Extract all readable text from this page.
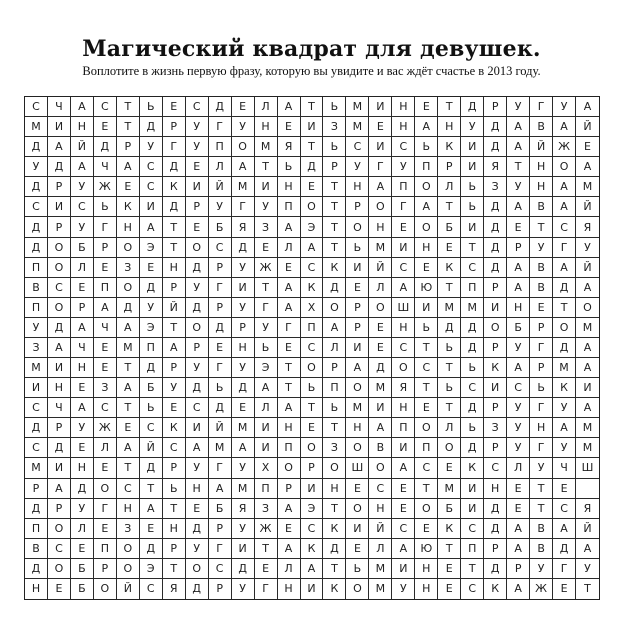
Магический квадрат для девушек.

Воплотите в жизнь первую фразу, которую вы увидите и вас ждёт счастье в 2013 году.

С	Ч	А	С	Т	Ь	Е	С	Д	Е	Л	А	Т	Ь	М	И	Н	Е	Т	Д	Р	У	Г	У	А
М	И	Н	Е	Т	Д	Р	У	Г	У	Н	Е	И	З	М	Е	Н	А	Н	У	Д	А	В	А	Й
Д	А	Й	Д	Р	У	Г	У	П	О	М	Я	Т	Ь	С	И	С	Ь	К	И	Д	А	Й	Ж	Е
У	Д	А	Ч	А	С	Д	Е	Л	А	Т	Ь	Д	Р	У	Г	У	П	Р	И	Я	Т	Н	О	А
Д	Р	У	Ж	Е	С	К	И	Й	М	И	Н	Е	Т	Н	А	П	О	Л	Ь	З	У	Н	А	М
С	И	С	Ь	К	И	Д	Р	У	Г	У	П	О	Т	Р	О	Г	А	Т	Ь	Д	А	В	А	Й
Д	Р	У	Г	Н	А	Т	Е	Б	Я	З	А	Э	Т	О	Н	Е	О	Б	И	Д	Е	Т	С	Я
Д	О	Б	Р	О	Э	Т	О	С	Д	Е	Л	А	Т	Ь	М	И	Н	Е	Т	Д	Р	У	Г	У
П	О	Л	Е	З	Е	Н	Д	Р	У	Ж	Е	С	К	И	Й	С	Е	К	С	Д	А	В	А	Й
В	С	Е	П	О	Д	Р	У	Г	И	Т	А	К	Д	Е	Л	А	Ю	Т	П	Р	А	В	Д	А
П	О	Р	А	Д	У	Й	Д	Р	У	Г	А	Х	О	Р	О	Ш	И	М	М	И	Н	Е	Т	О
У	Д	А	Ч	А	Э	Т	О	Д	Р	У	Г	П	А	Р	Е	Н	Ь	Д	Д	О	Б	Р	О	М
З	А	Ч	Е	М	П	А	Р	Е	Н	Ь	Е	С	Л	И	Е	С	Т	Ь	Д	Р	У	Г	Д	А
М	И	Н	Е	Т	Д	Р	У	Г	У	Э	Т	О	Р	А	Д	О	С	Т	Ь	К	А	Р	М	А
И	Н	Е	З	А	Б	У	Д	Ь	Д	А	Т	Ь	П	О	М	Я	Т	Ь	С	И	С	Ь	К	И
С	Ч	А	С	Т	Ь	Е	С	Д	Е	Л	А	Т	Ь	М	И	Н	Е	Т	Д	Р	У	Г	У	А
Д	Р	У	Ж	Е	С	К	И	Й	М	И	Н	Е	Т	Н	А	П	О	Л	Ь	З	У	Н	А	М
С	Д	Е	Л	А	Й	С	А	М	А	И	П	О	З	О	В	И	П	О	Д	Р	У	Г	У	М
М	И	Н	Е	Т	Д	Р	У	Г	У	Х	О	Р	О	Ш	О	А	С	Е	К	С	Л	У	Ч	Ш
Р	А	Д	О	С	Т	Ь	Н	А	М	П	Р	И	Н	Е	С	Е	Т	М	И	Н	Е	Т	Е
Д	Р	У	Г	Н	А	Т	Е	Б	Я	З	А	Э	Т	О	Н	Е	О	Б	И	Д	Е	Т	С	Я
П	О	Л	Е	З	Е	Н	Д	Р	У	Ж	Е	С	К	И	Й	С	Е	К	С	Д	А	В	А	Й
В	С	Е	П	О	Д	Р	У	Г	И	Т	А	К	Д	Е	Л	А	Ю	Т	П	Р	А	В	Д	А
Д	О	Б	Р	О	Э	Т	О	С	Д	Е	Л	А	Т	Ь	М	И	Н	Е	Т	Д	Р	У	Г	У
Н	Е	Б	О	Й	С	Я	Д	Р	У	Г	Н	И	К	О	М	У	Н	Е	С	К	А	Ж	Е	Т
